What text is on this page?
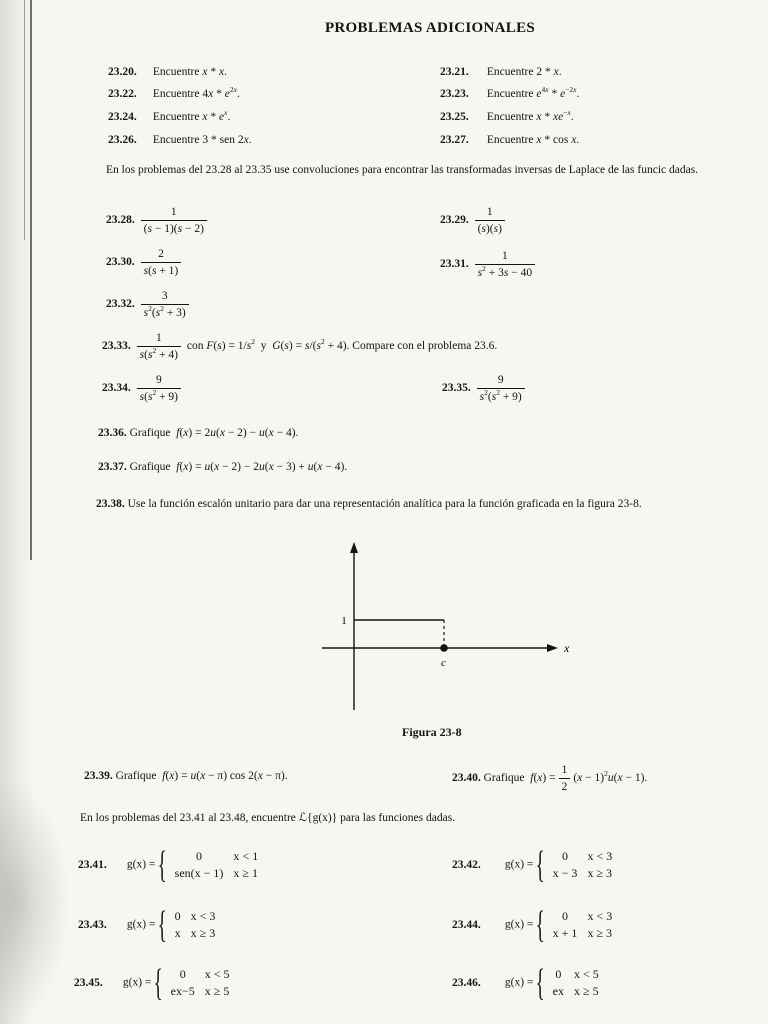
PROBLEMAS ADICIONALES
23.20. Encuentre x * x.	23.21. Encuentre 2 * x.
23.22. Encuentre $4x * e^{2x}$.	23.23. Encuentre $e^{4x} * e^{-2x}$.
23.24. Encuentre x * $e^x$.	23.25. Encuentre x * $xe^{-x}$.
23.26. Encuentre 3 * sen 2x.	23.27. Encuentre x * cos x.
En los problemas del 23.28 al 23.35 use convoluciones para encontrar las transformadas inversas de Laplace de las funcic dadas.
23.28. $\frac{1}{(s - 1)(s - 2)}$	23.29. $\frac{1}{(s)(s)}$
23.30. $\frac{2}{s(s + 1)}$	23.31. $\frac{1}{s^2 + 3s - 40}$
23.32. $\frac{3}{s^2(s^2 + 3)}$
23.33. $\frac{1}{s(s^2 + 4)}$ con $F(s) = 1/s^2$  y  $G(s) = s/(s^2 + 4)$. Compare con el problema 23.6.
23.34. $\frac{9}{s(s^2 + 9)}$	23.35. $\frac{9}{s^2(s^2 + 9)}$
23.36. Grafique  f(x) = 2u(x − 2) − u(x − 4).
23.37. Grafique  f(x) = u(x − 2) − 2u(x − 3) + u(x − 4).
23.38. Use la función escalón unitario para dar una representación analítica para la función graficada en la figura 23-8.
1
x
c
Figura 23-8
23.39. Grafique  f(x) = u(x − π) cos 2(x − π).	23.40. Grafique  $f(x) = \frac{1}{2} (x - 1)^2u(x - 1)$.
En los problemas del 23.41 al 23.48, encuentre ℒ{g(x)} para las funciones dadas.
23.41. g(x) ={ 0	x < 1
sen(x − 1)	x ≥ 1
23.42. g(x) ={ 0	x < 3
x − 3	x ≥ 3
23.43. g(x) ={ 0	x < 3
x	x ≥ 3
23.44. g(x) ={ 0	x < 3
x + 1	x ≥ 3
23.45. g(x) ={ 0	x < 5
ex−5	x ≥ 5
23.46. g(x) ={ 0	x < 5
ex	x ≥ 5
